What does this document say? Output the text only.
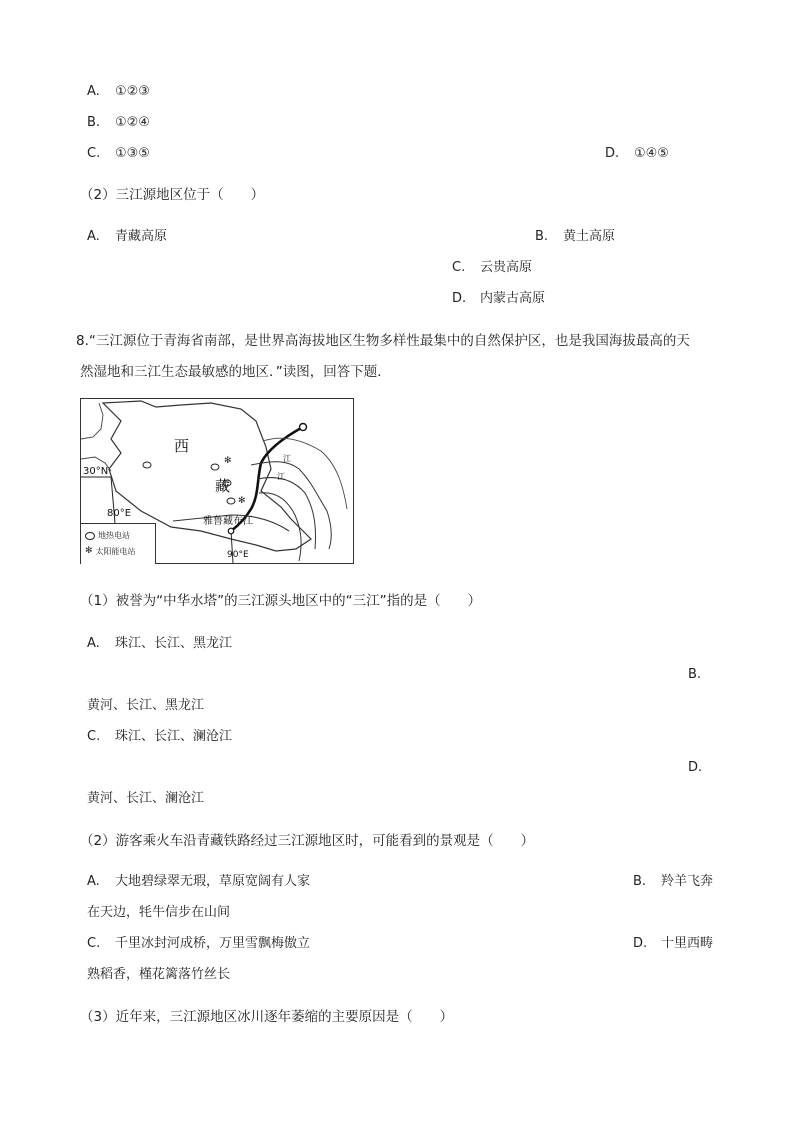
A. ①②③
B. ①②④
C. ①③⑤	D. ①④⑤
（2）三江源地区位于（　　）
A. 青藏高原	B. 黄土高原
C. 云贵高原
D. 内蒙古高原
8.“三江源位于青海省南部，是世界高海拔地区生物多样性最集中的自然保护区，也是我国海拔最高的天
然湿地和三江生态最敏感的地区．”读图，回答下题．
✻
✻
西
藏
30°N
80°E
90°E
雅鲁藏布江
江
江
地热电站
✻ 太阳能电站
（1）被誉为“中华水塔”的三江源头地区中的“三江”指的是（　　）
A. 珠江、长江、黑龙江
B.
黄河、长江、黑龙江
C. 珠江、长江、澜沧江
D.
黄河、长江、澜沧江
（2）游客乘火车沿青藏铁路经过三江源地区时，可能看到的景观是（　　）
A. 大地碧绿翠无瑕，草原宽阔有人家	B. 羚羊飞奔
在天边，牦牛信步在山间
C. 千里冰封河成桥，万里雪飘梅傲立	D. 十里西畴
熟稻香，槿花篱落竹丝长
（3）近年来，三江源地区冰川逐年萎缩的主要原因是（　　）
